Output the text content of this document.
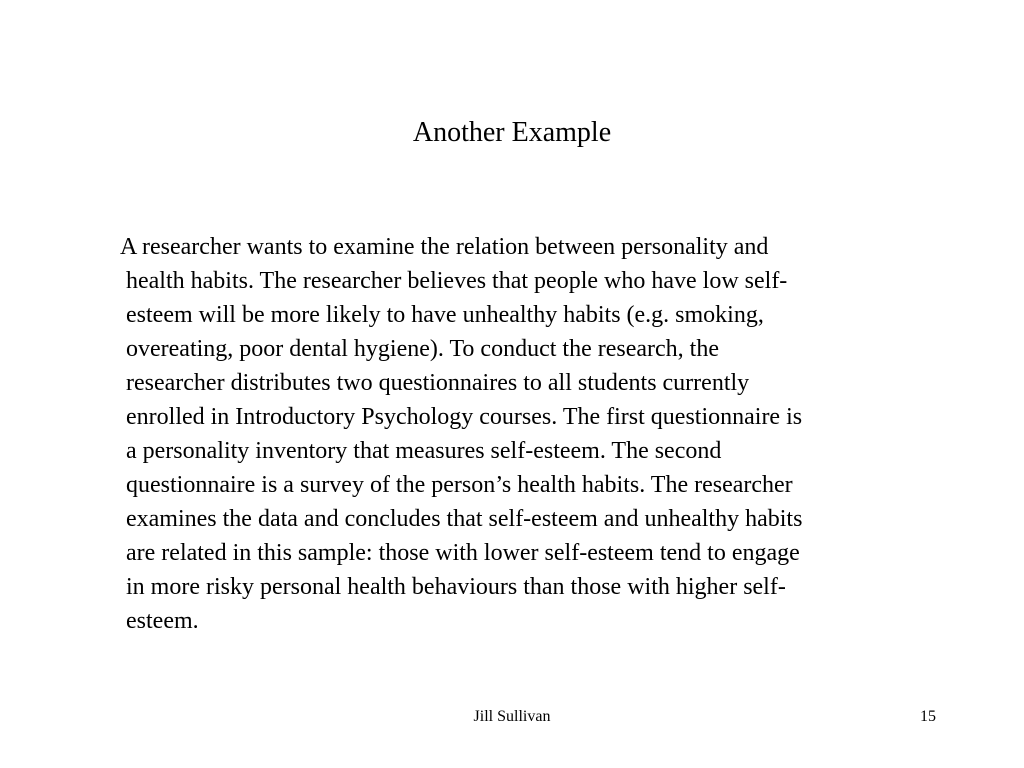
Another Example

A researcher wants to examine the relation between personality and
health habits. The researcher believes that people who have low self-
esteem will be more likely to have unhealthy habits (e.g. smoking,
overeating, poor dental hygiene). To conduct the research, the
researcher distributes two questionnaires to all students currently
enrolled in Introductory Psychology courses. The first questionnaire is
a personality inventory that measures self-esteem. The second
questionnaire is a survey of the person’s health habits. The researcher
examines the data and concludes that self-esteem and unhealthy habits
are related in this sample: those with lower self-esteem tend to engage
in more risky personal health behaviours than those with higher self-
esteem.

Jill Sullivan	15
